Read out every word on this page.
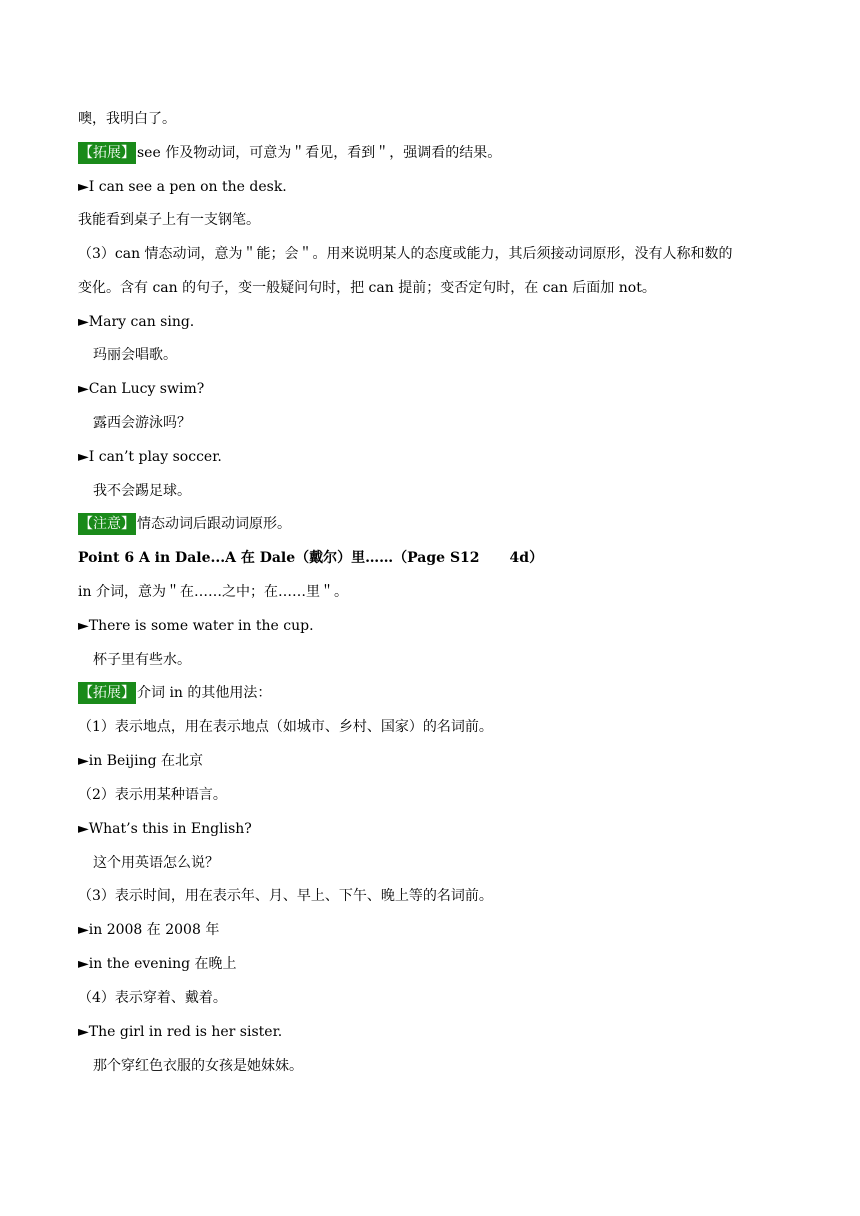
噢，我明白了。
【拓展】 see 作及物动词，可意为＂看见，看到＂，强调看的结果。
►I can see a pen on the desk.
我能看到桌子上有一支钢笔。
（3）can 情态动词，意为＂能；会＂。用来说明某人的态度或能力，其后须接动词原形，没有人称和数的
变化。含有 can 的句子，变一般疑问句时，把 can 提前；变否定句时，在 can 后面加 not。
►Mary can sing.
玛丽会唱歌。
►Can Lucy swim?
露西会游泳吗？
►I can’t play soccer.
我不会踢足球。
【注意】 情态动词后跟动词原形。
Point 6 A in Dale...A 在 Dale（戴尔）里……（Page S12 4d）
in 介词，意为＂在……之中；在……里＂。
►There is some water in the cup.
杯子里有些水。
【拓展】 介词 in 的其他用法：
（1）表示地点，用在表示地点（如城市、乡村、国家）的名词前。
►in Beijing 在北京
（2）表示用某种语言。
►What’s this in English?
这个用英语怎么说？
（3）表示时间，用在表示年、月、早上、下午、晚上等的名词前。
►in 2008 在 2008 年
►in the evening 在晚上
（4）表示穿着、戴着。
►The girl in red is her sister.
那个穿红色衣服的女孩是她妹妹。
